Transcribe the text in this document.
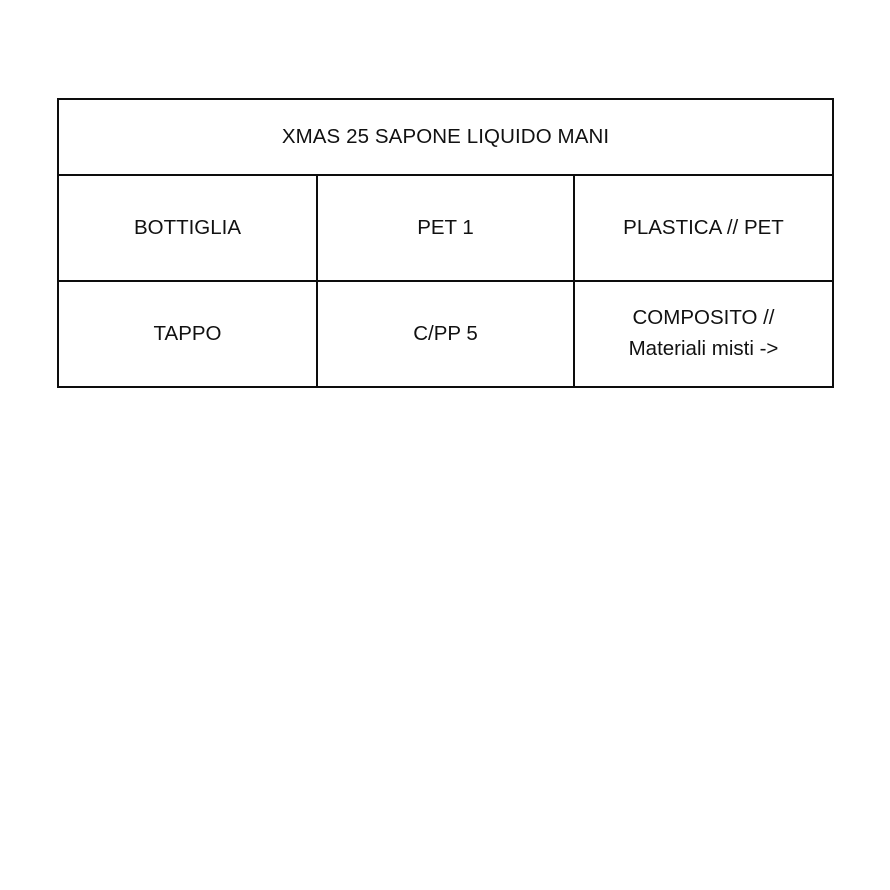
XMAS 25 SAPONE LIQUIDO MANI		
BOTTIGLIA	PET 1	PLASTICA // PET

TAPPO	C/PP 5	COMPOSITO //
Materiali misti ->
